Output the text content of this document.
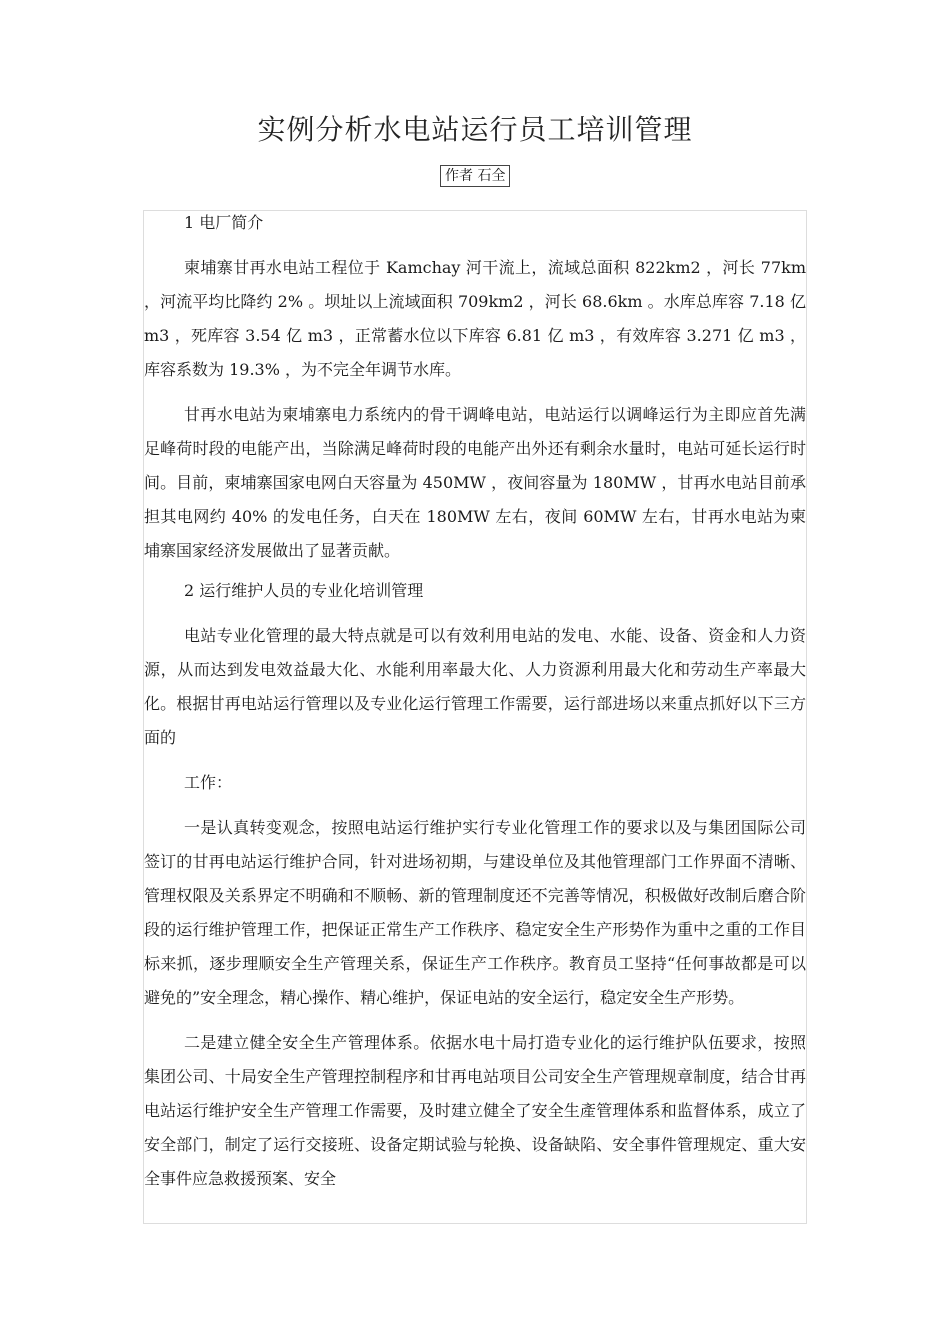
实例分析水电站运行员工培训管理
作者 石全

1 电厂简介

柬埔寨甘再水电站工程位于 Kamchay 河干流上，流域总面积 822km2 ，河长 77km ，河流平均比降约 2% 。坝址以上流域面积 709km2 ，河长 68.6km 。水库总库容 7.18 亿 m3 ，死库容 3.54 亿 m3 ，正常蓄水位以下库容 6.81 亿 m3 ，有效库容 3.271 亿 m3 ，库容系数为 19.3% ，为不完全年调节水库。

甘再水电站为柬埔寨电力系统内的骨干调峰电站，电站运行以调峰运行为主即应首先满足峰荷时段的电能产出，当除满足峰荷时段的电能产出外还有剩余水量时，电站可延长运行时间。目前，柬埔寨国家电网白天容量为 450MW ，夜间容量为 180MW ，甘再水电站目前承担其电网约 40% 的发电任务，白天在 180MW 左右，夜间 60MW 左右，甘再水电站为柬埔寨国家经济发展做出了显著贡献。

2 运行维护人员的专业化培训管理

电站专业化管理的最大特点就是可以有效利用电站的发电、水能、设备、资金和人力资源，从而达到发电效益最大化、水能利用率最大化、人力资源利用最大化和劳动生产率最大化。根据甘再电站运行管理以及专业化运行管理工作需要，运行部进场以来重点抓好以下三方面的

工作：

一是认真转变观念，按照电站运行维护实行专业化管理工作的要求以及与集团国际公司签订的甘再电站运行维护合同，针对进场初期，与建设单位及其他管理部门工作界面不清晰、管理权限及关系界定不明确和不顺畅、新的管理制度还不完善等情况，积极做好改制后磨合阶段的运行维护管理工作，把保证正常生产工作秩序、稳定安全生产形势作为重中之重的工作目标来抓，逐步理顺安全生产管理关系，保证生产工作秩序。教育员工坚持“任何事故都是可以避免的”安全理念，精心操作、精心维护，保证电站的安全运行，稳定安全生产形势。

二是建立健全安全生产管理体系。依据水电十局打造专业化的运行维护队伍要求，按照集团公司、十局安全生产管理控制程序和甘再电站项目公司安全生产管理规章制度，结合甘再电站运行维护安全生产管理工作需要，及时建立健全了安全生產管理体系和监督体系，成立了安全部门，制定了运行交接班、设备定期试验与轮换、设备缺陷、安全事件管理规定、重大安全事件应急救援预案、安全
